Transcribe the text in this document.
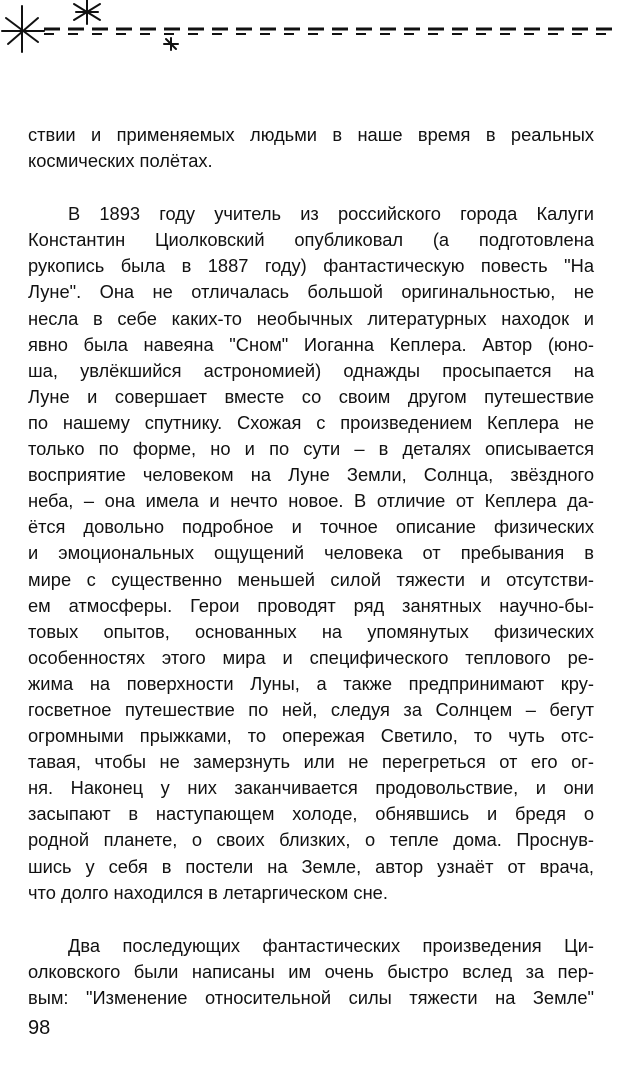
ствии и применяемых людьми в наше время в реальных
космических полётах.
В 1893 году учитель из российского города Калуги
Константин Циолковский опубликовал (а подготовлена
рукопись была в 1887 году) фантастическую повесть "На
Луне". Она не отличалась большой оригинальностью, не
несла в себе каких-то необычных литературных находок и
явно была навеяна "Сном" Иоганна Кеплера. Автор (юно-
ша, увлёкшийся астрономией) однажды просыпается на
Луне и совершает вместе со своим другом путешествие
по нашему спутнику. Схожая с произведением Кеплера не
только по форме, но и по сути – в деталях описывается
восприятие человеком на Луне Земли, Солнца, звёздного
неба, – она имела и нечто новое. В отличие от Кеплера да-
ётся довольно подробное и точное описание физических
и эмоциональных ощущений человека от пребывания в
мире с существенно меньшей силой тяжести и отсутстви-
ем атмосферы. Герои проводят ряд занятных научно-бы-
товых опытов, основанных на упомянутых физических
особенностях этого мира и специфического теплового ре-
жима на поверхности Луны, а также предпринимают кру-
госветное путешествие по ней, следуя за Солнцем – бегут
огромными прыжками, то опережая Светило, то чуть отс-
тавая, чтобы не замерзнуть или не перегреться от его ог-
ня. Наконец у них заканчивается продовольствие, и они
засыпают в наступающем холоде, обнявшись и бредя о
родной планете, о своих близких, о тепле дома. Проснув-
шись у себя в постели на Земле, автор узнаёт от врача,
что долго находился в летаргическом сне.
Два последующих фантастических произведения Ци-
олковского были написаны им очень быстро вслед за пер-
вым: "Изменение относительной силы тяжести на Земле"
98
